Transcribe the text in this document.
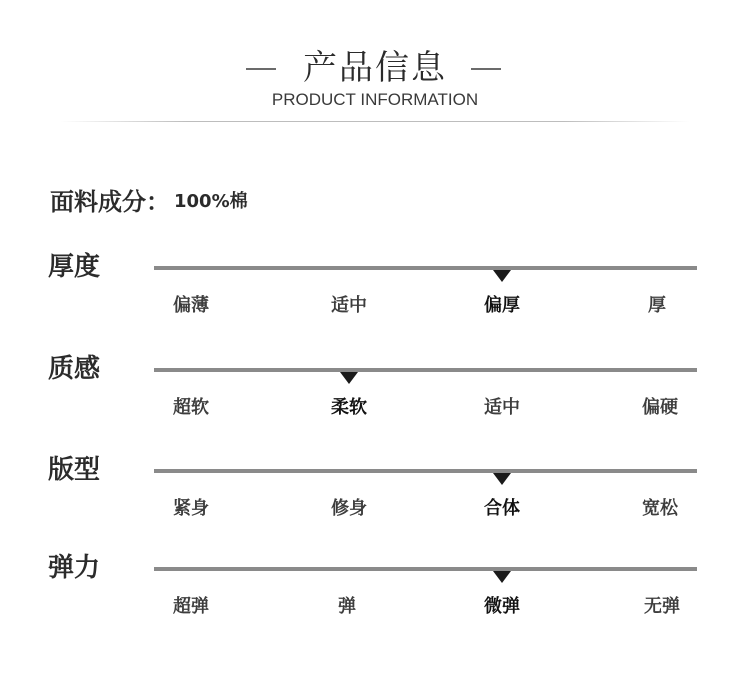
产品信息
PRODUCT INFORMATION
面料成分： 100%棉
厚度
偏薄	适中	偏厚	厚
质感
超软	柔软	适中	偏硬
版型
紧身	修身	合体	宽松
弹力
超弹	弹	微弹	无弹
